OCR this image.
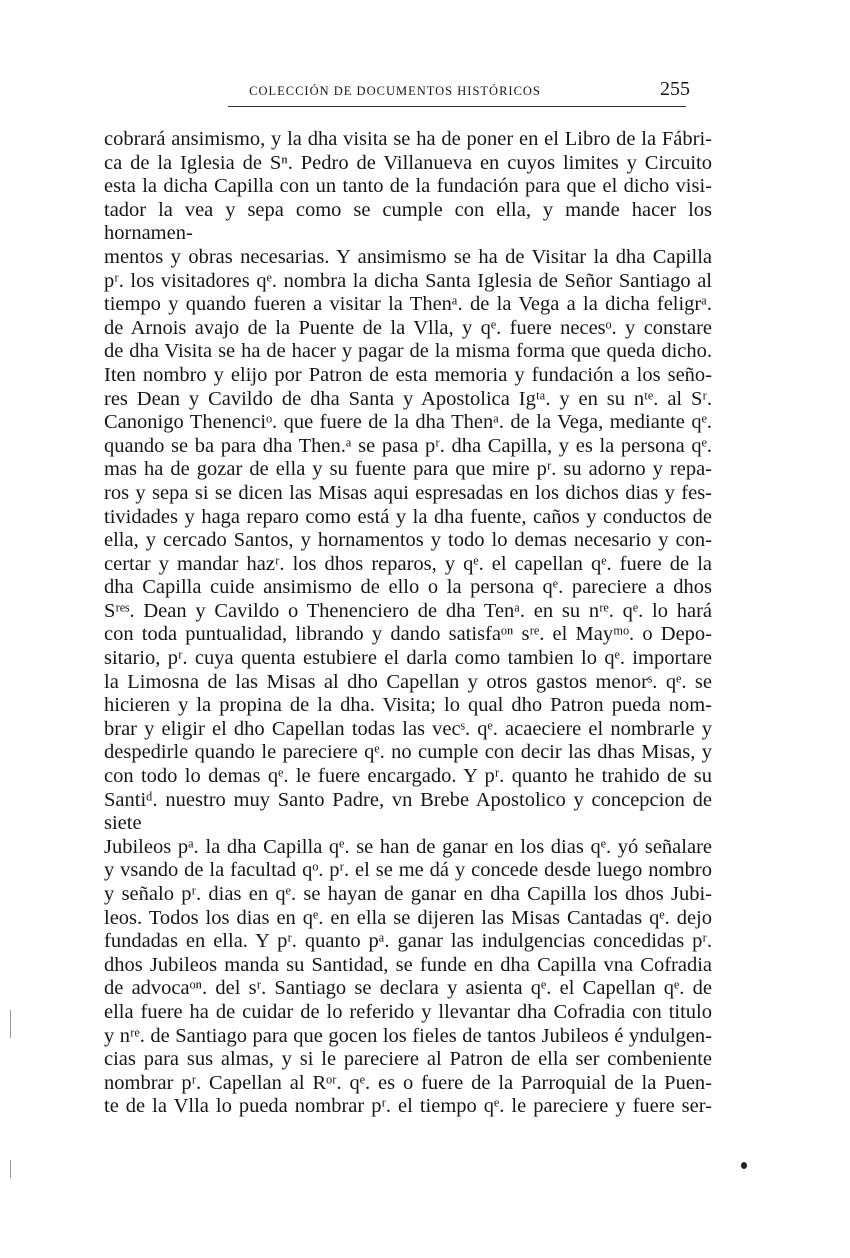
COLECCIÓN DE DOCUMENTOS HISTÓRICOS	255
cobrará ansimismo, y la dha visita se ha de poner en el Libro de la Fábri-
ca de la Iglesia de Sⁿ. Pedro de Villanueva en cuyos limites y Circuito
esta la dicha Capilla con un tanto de la fundación para que el dicho visi-
tador la vea y sepa como se cumple con ella, y mande hacer los hornamen-
mentos y obras necesarias. Y ansimismo se ha de Visitar la dha Capilla
pʳ. los visitadores qᵉ. nombra la dicha Santa Iglesia de Señor Santiago al
tiempo y quando fueren a visitar la Thenᵃ. de la Vega a la dicha feligrᵃ.
de Arnois avajo de la Puente de la Vlla, y qᵉ. fuere necesᵒ. y constare
de dha Visita se ha de hacer y pagar de la misma forma que queda dicho.
Iten nombro y elijo por Patron de esta memoria y fundación a los seño-
res Dean y Cavildo de dha Santa y Apostolica Igᵗᵃ. y en su nᵗᵉ. al Sʳ.
Canonigo Thenenciᵒ. que fuere de la dha Thenᵃ. de la Vega, mediante qᵉ.
quando se ba para dha Then.ᵃ se pasa pʳ. dha Capilla, y es la persona qᵉ.
mas ha de gozar de ella y su fuente para que mire pʳ. su adorno y repa-
ros y sepa si se dicen las Misas aqui espresadas en los dichos dias y fes-
tividades y haga reparo como está y la dha fuente, caños y conductos de
ella, y cercado Santos, y hornamentos y todo lo demas necesario y con-
certar y mandar hazʳ. los dhos reparos, y qᵉ. el capellan qᵉ. fuere de la
dha Capilla cuide ansimismo de ello o la persona qᵉ. pareciere a dhos
Sʳᵉˢ. Dean y Cavildo o Thenenciero de dha Tenᵃ. en su nʳᵉ. qᵉ. lo hará
con toda puntualidad, librando y dando satisfaᵒⁿ sʳᵉ. el Mayᵐᵒ. o Depo-
sitario, pʳ. cuya quenta estubiere el darla como tambien lo qᵉ. importare
la Limosna de las Misas al dho Capellan y otros gastos menorˢ. qᵉ. se
hicieren y la propina de la dha. Visita; lo qual dho Patron pueda nom-
brar y eligir el dho Capellan todas las vecˢ. qᵉ. acaeciere el nombrarle y
despedirle quando le pareciere qᵉ. no cumple con decir las dhas Misas, y
con todo lo demas qᵉ. le fuere encargado. Y pʳ. quanto he trahido de su
Santiᵈ. nuestro muy Santo Padre, vn Brebe Apostolico y concepcion de siete
Jubileos pᵃ. la dha Capilla qᵉ. se han de ganar en los dias qᵉ. yó señalare
y vsando de la facultad qᵒ. pʳ. el se me dá y concede desde luego nombro
y señalo pʳ. dias en qᵉ. se hayan de ganar en dha Capilla los dhos Jubi-
leos. Todos los dias en qᵉ. en ella se dijeren las Misas Cantadas qᵉ. dejo
fundadas en ella. Y pʳ. quanto pᵃ. ganar las indulgencias concedidas pʳ.
dhos Jubileos manda su Santidad, se funde en dha Capilla vna Cofradia
de advocaᵒⁿ. del sʳ. Santiago se declara y asienta qᵉ. el Capellan qᵉ. de
ella fuere ha de cuidar de lo referido y llevantar dha Cofradia con titulo
y nʳᵉ. de Santiago para que gocen los fieles de tantos Jubileos é yndulgen-
cias para sus almas, y si le pareciere al Patron de ella ser combeniente
nombrar pʳ. Capellan al Rᵒʳ. qᵉ. es o fuere de la Parroquial de la Puen-
te de la Vlla lo pueda nombrar pʳ. el tiempo qᵉ. le pareciere y fuere ser-
